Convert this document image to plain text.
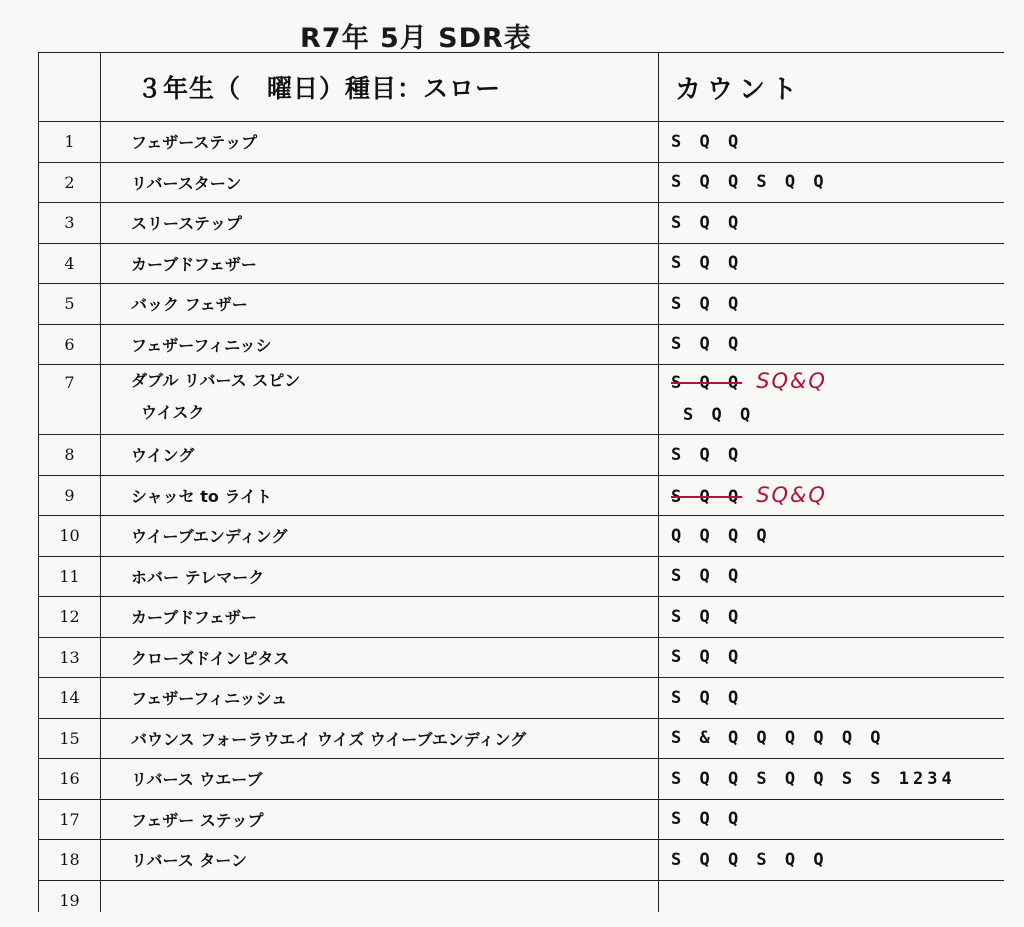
R7年 5月 SDR表
	３年生（　曜日）種目：スロー	カウント
1	フェザーステップ	S Q Q
2	リバースターン	S Q Q S Q Q
3	スリーステップ	S Q Q
4	カーブドフェザー	S Q Q
5	バック フェザー	S Q Q
6	フェザーフィニッシ	S Q Q
7	ダブル リバース スピン
ウイスク	S Q Q SQ&Q
S Q Q

8	ウイング	S Q Q
9	シャッセ to ライト	S Q Q SQ&Q
10	ウイーブエンディング	Q Q Q Q
11	ホバー テレマーク	S Q Q
12	カーブドフェザー	S Q Q
13	クローズドインピタス	S Q Q
14	フェザーフィニッシュ	S Q Q
15	バウンス フォーラウエイ ウイズ ウイーブエンディング	S & Q Q Q Q Q Q
16	リバース ウエーブ	S Q Q S Q Q S S 1234
17	フェザー ステップ	S Q Q
18	リバース ターン	S Q Q S Q Q
19		
